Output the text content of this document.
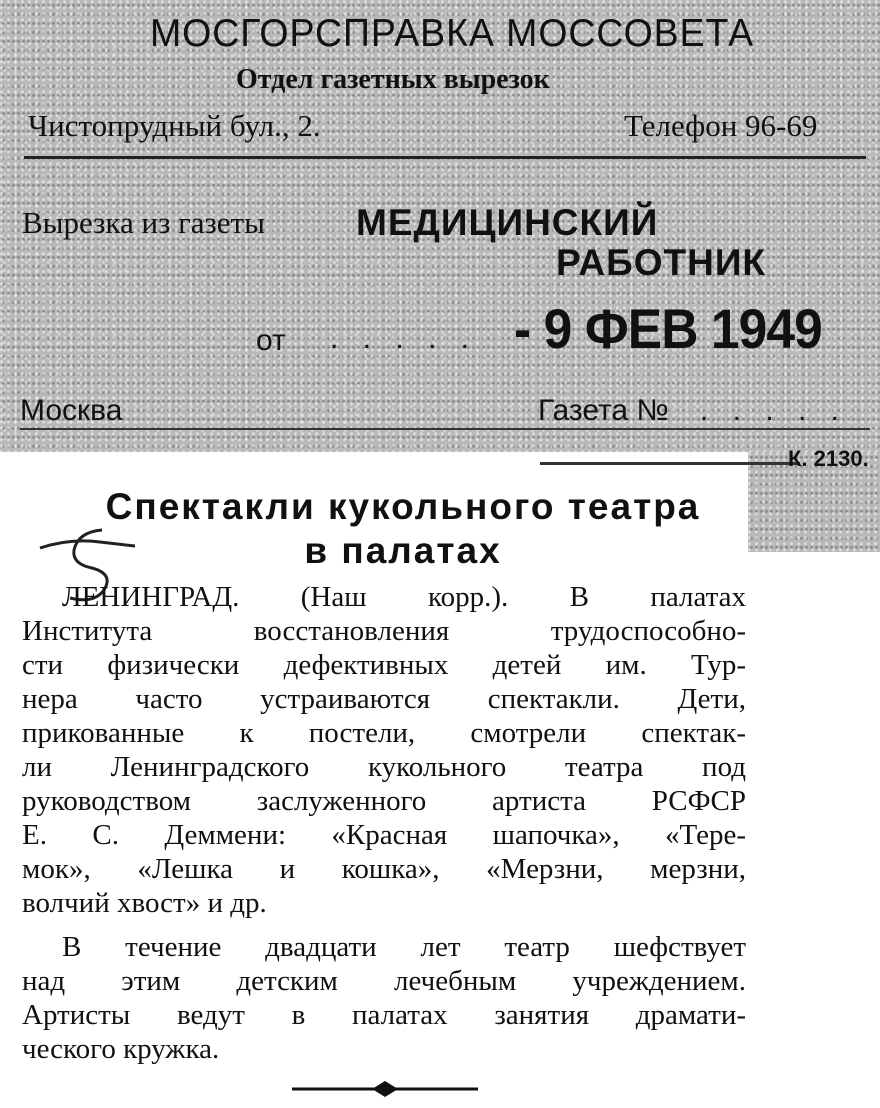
МОСГОРСПРАВКА МОССОВЕТА
Отдел газетных вырезок
Чистопрудный бул., 2.	Телефон 96-69
Вырезка из газеты МЕДИЦИНСКИЙ
РАБОТНИК
от . . . . . - 9 ФЕВ 1949
Москва	Газета № . . . . .
К. 2130.
Спектакли кукольного театра
в палатах
ЛЕНИНГРАД. (Наш корр.). В палатах
Института восстановления трудоспособно-
сти физически дефективных детей им. Тур-
нера часто устраиваются спектакли. Дети,
прикованные к постели, смотрели спектак-
ли Ленинградского кукольного театра под
руководством заслуженного артиста РСФСР
Е. С. Деммени: «Красная шапочка», «Тере-
мок», «Лешка и кошка», «Мерзни, мерзни,
волчий хвост» и др.
В течение двадцати лет театр шефствует
над этим детским лечебным учреждением.
Артисты ведут в палатах занятия драмати-
ческого кружка.
